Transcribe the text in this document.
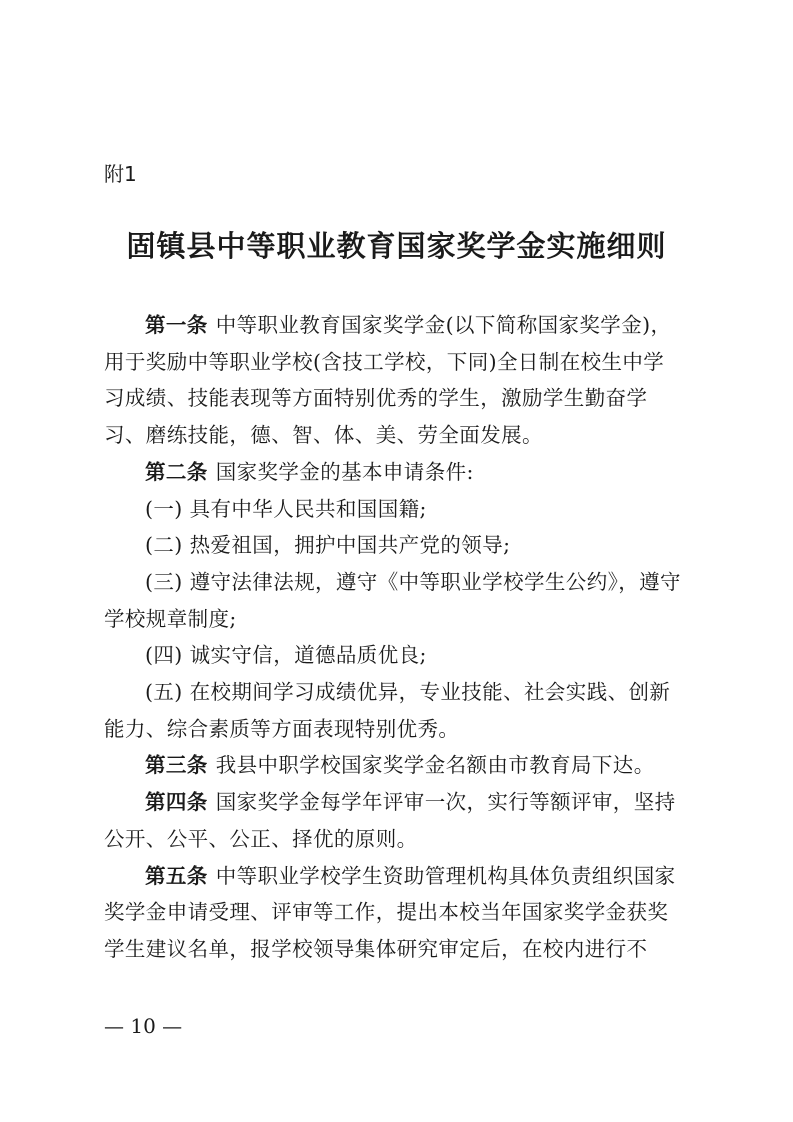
附1
固镇县中等职业教育国家奖学金实施细则

第一条 中等职业教育国家奖学金(以下简称国家奖学金)，用于奖励中等职业学校(含技工学校，下同)全日制在校生中学习成绩、技能表现等方面特别优秀的学生，激励学生勤奋学习、磨练技能，德、智、体、美、劳全面发展。

第二条 国家奖学金的基本申请条件:

(一) 具有中华人民共和国国籍;

(二) 热爱祖国，拥护中国共产党的领导;

(三) 遵守法律法规，遵守《中等职业学校学生公约》，遵守学校规章制度;

(四) 诚实守信，道德品质优良;

(五) 在校期间学习成绩优异，专业技能、社会实践、创新能力、综合素质等方面表现特别优秀。

第三条 我县中职学校国家奖学金名额由市教育局下达。

第四条 国家奖学金每学年评审一次，实行等额评审，坚持公开、公平、公正、择优的原则。

第五条 中等职业学校学生资助管理机构具体负责组织国家奖学金申请受理、评审等工作，提出本校当年国家奖学金获奖学生建议名单，报学校领导集体研究审定后，在校内进行不

— 10 —
